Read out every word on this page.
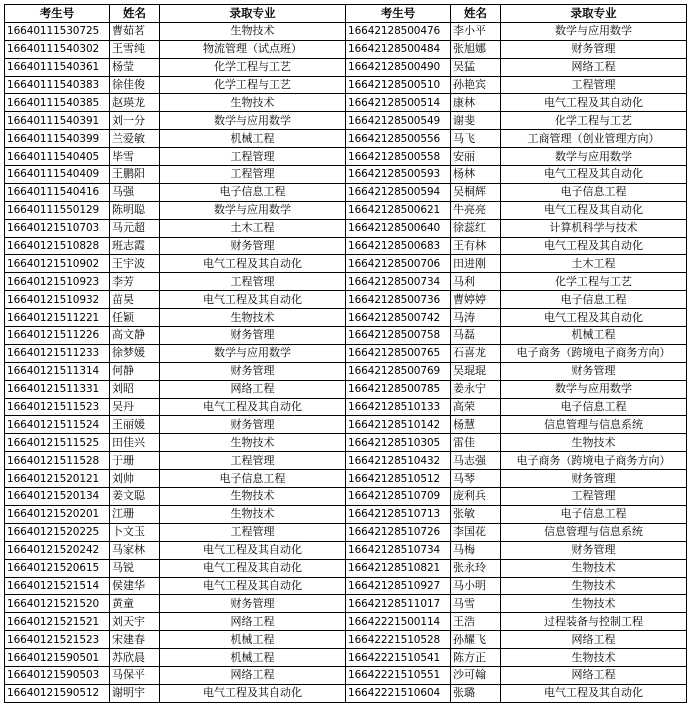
考生号	姓名	录取专业	考生号	姓名	录取专业
16640111530725	曹茹茗	生物技术	16642128500476	李小平	数学与应用数学
16640111540302	王雪纯	物流管理（试点班）	16642128500484	张旭娜	财务管理
16640111540361	杨莹	化学工程与工艺	16642128500490	吴猛	网络工程
16640111540383	徐佳俊	化学工程与工艺	16642128500510	孙艳宾	工程管理
16640111540385	赵瑛龙	生物技术	16642128500514	康林	电气工程及其自动化
16640111540391	刘一分	数学与应用数学	16642128500549	谢斐	化学工程与工艺
16640111540399	兰爱敏	机械工程	16642128500556	马飞	工商管理（创业管理方向）
16640111540405	毕雪	工程管理	16642128500558	安丽	数学与应用数学
16640111540409	王鹏阳	工程管理	16642128500593	杨林	电气工程及其自动化
16640111540416	马强	电子信息工程	16642128500594	吴桐辉	电子信息工程
16640111550129	陈明聪	数学与应用数学	16642128500621	牛亮亮	电气工程及其自动化
16640121510703	马元超	土木工程	16642128500640	徐蕊红	计算机科学与技术
16640121510828	班志霞	财务管理	16642128500683	王有林	电气工程及其自动化
16640121510902	王宇波	电气工程及其自动化	16642128500706	田进刚	土木工程
16640121510923	李芳	工程管理	16642128500734	马利	化学工程与工艺
16640121510932	苗昊	电气工程及其自动化	16642128500736	曹婷婷	电子信息工程
16640121511221	任颖	生物技术	16642128500742	马涛	电气工程及其自动化
16640121511226	高文静	财务管理	16642128500758	马磊	机械工程
16640121511233	徐梦媛	数学与应用数学	16642128500765	石喜龙	电子商务（跨境电子商务方向）
16640121511314	何静	财务管理	16642128500769	吴琨琨	财务管理
16640121511331	刘昭	网络工程	16642128500785	姜永宁	数学与应用数学
16640121511523	吴丹	电气工程及其自动化	16642128510133	高荣	电子信息工程
16640121511524	王丽媛	财务管理	16642128510142	杨慧	信息管理与信息系统
16640121511525	田佳兴	生物技术	16642128510305	雷佳	生物技术
16640121511528	于珊	工程管理	16642128510432	马志强	电子商务（跨境电子商务方向）
16640121520121	刘帅	电子信息工程	16642128510512	马琴	财务管理
16640121520134	姜文聪	生物技术	16642128510709	庞利兵	工程管理
16640121520201	江珊	生物技术	16642128510713	张敏	电子信息工程
16640121520225	卜文玉	工程管理	16642128510726	李国花	信息管理与信息系统
16640121520242	马家林	电气工程及其自动化	16642128510734	马梅	财务管理
16640121520615	马锐	电气工程及其自动化	16642128510821	张永玲	生物技术
16640121521514	侯建华	电气工程及其自动化	16642128510927	马小明	生物技术
16640121521520	黄童	财务管理	16642128511017	马雪	生物技术
16640121521521	刘天宇	网络工程	16642221500114	王浩	过程装备与控制工程
16640121521523	宋建春	机械工程	16642221510528	孙耀飞	网络工程
16640121590501	苏欣晨	机械工程	16642221510541	陈方正	生物技术
16640121590503	马保平	网络工程	16642221510551	沙可翰	网络工程
16640121590512	谢明宇	电气工程及其自动化	16642221510604	张璐	电气工程及其自动化
